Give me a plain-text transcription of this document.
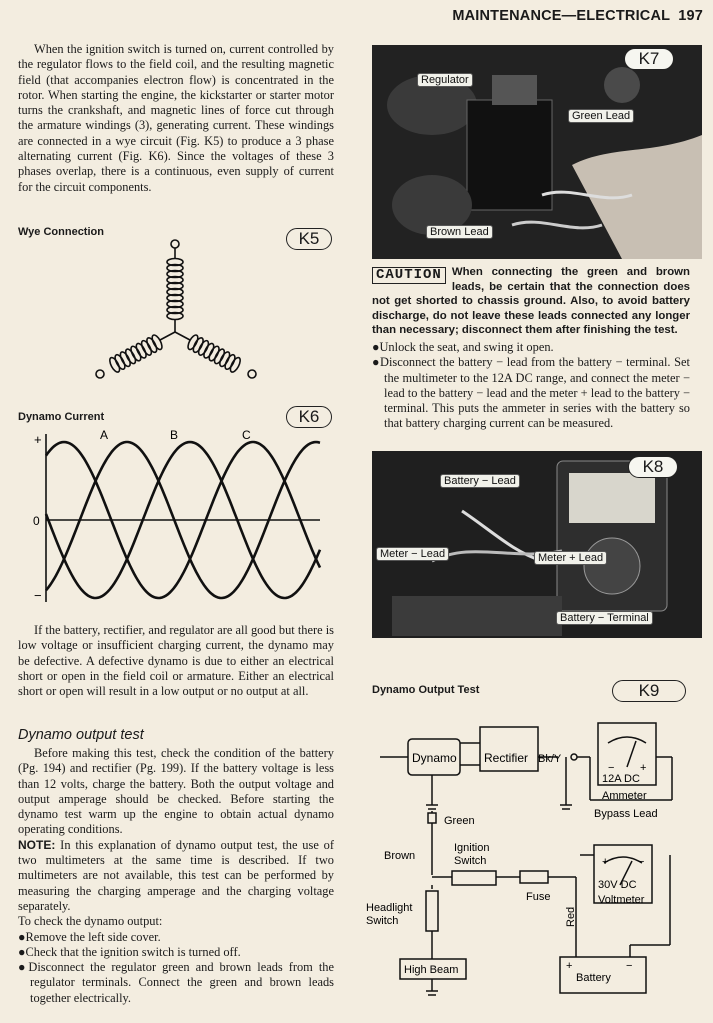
MAINTENANCE—ELECTRICAL 197

When the ignition switch is turned on, current controlled by the regulator flows to the field coil, and the resulting magnetic field (that accompanies electron flow) is concentrated in the rotor. When starting the engine, the kickstarter or starter motor turns the crankshaft, and magnetic lines of force cut through the armature windings (3), generating current. These windings are connected in a wye circuit (Fig. K5) to produce a 3 phase alternating current (Fig. K6). Since the voltages of these 3 phases overlap, there is a continuous, even supply of current for the circuit components.

Wye Connection	K5
Dynamo Current	K6
+
0
−
A	B	C

If the battery, rectifier, and regulator are all good but there is low voltage or insufficient charging current, the dynamo may be defective. A defective dynamo is due to either an electrical short or open in the field coil or armature. Either an electrical short or open will result in a low output or no output at all.

Dynamo output test

Before making this test, check the condition of the battery (Pg. 194) and rectifier (Pg. 199). If the battery voltage is less than 12 volts, charge the battery. Both the output voltage and output amperage should be checked. Before starting the dynamo test warm up the engine to obtain actual dynamo operating conditions.

NOTE: In this explanation of dynamo output test, the use of two multimeters at the same time is described. If two multimeters are not available, this test can be performed by measuring the charging amperage and the charging voltage separately.

To check the dynamo output:

●Remove the left side cover.

●Check that the ignition switch is turned off.

●Disconnect the regulator green and brown leads from the regulator terminals. Connect the green and brown leads together electrically.

Regulator
Green Lead
Brown Lead
K7
CAUTION When connecting the green and brown leads, be certain that the connection does not get shorted to chassis ground. Also, to avoid battery discharge, do not leave these leads connected any longer than necessary; disconnect them after finishing the test.

●Unlock the seat, and swing it open.

●Disconnect the battery − lead from the battery − terminal. Set the multimeter to the 12A DC range, and connect the meter − lead to the battery − lead and the meter + lead to the battery − terminal. This puts the ammeter in series with the battery so that battery charging current can be measured.

Battery − Lead
Meter − Lead	Meter + Lead
Battery − Terminal
K8
Dynamo Output Test	K9
Dynamo Rectifier Bk/Y
12A DC
Ammeter
Bypass Lead
Green
Brown
Ignition
Switch
Fuse
Red
30V DC
Voltmeter
Headlight
Switch
High Beam
Battery
− +
+	−
+	−
